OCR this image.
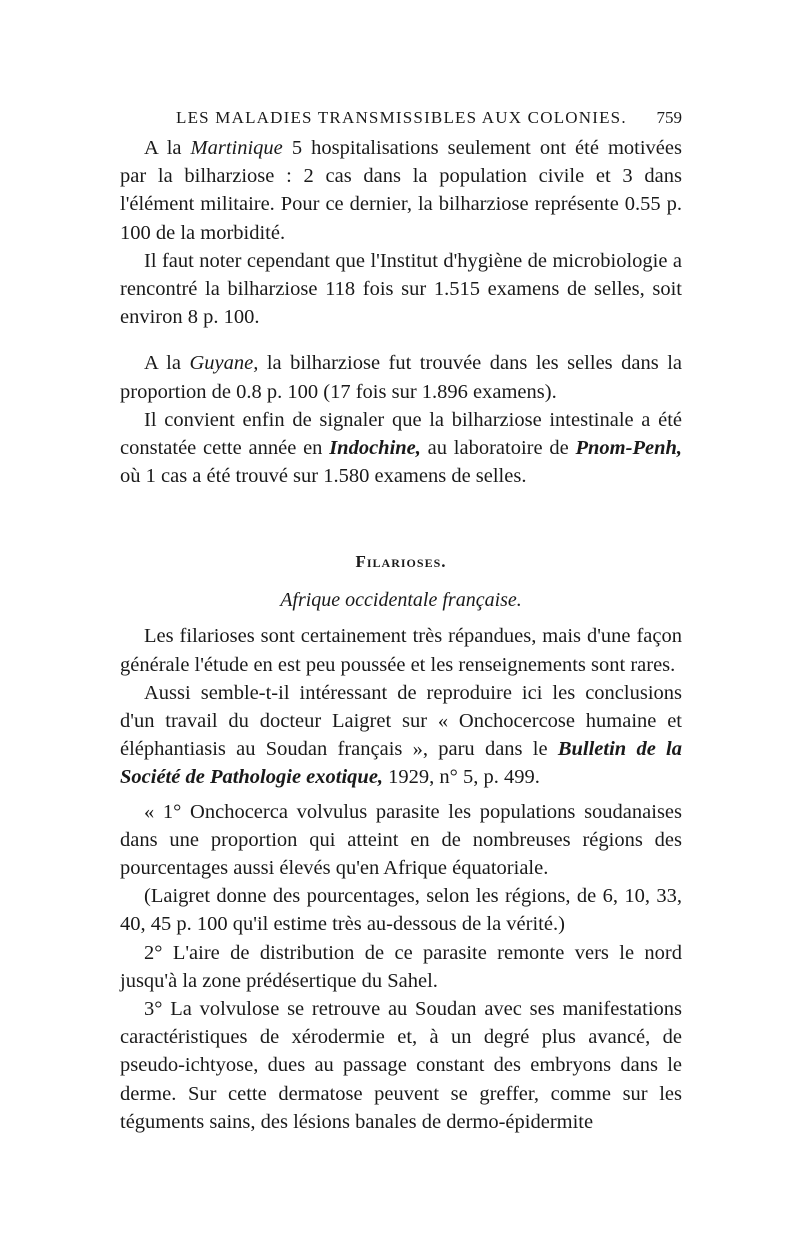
LES MALADIES TRANSMISSIBLES AUX COLONIES. 759

A la Martinique 5 hospitalisations seulement ont été motivées par la bilharziose : 2 cas dans la population civile et 3 dans l'élément militaire. Pour ce dernier, la bilharziose représente 0.55 p. 100 de la morbidité.

Il faut noter cependant que l'Institut d'hygiène de microbiologie a rencontré la bilharziose 118 fois sur 1.515 examens de selles, soit environ 8 p. 100.

A la Guyane, la bilharziose fut trouvée dans les selles dans la proportion de 0.8 p. 100 (17 fois sur 1.896 examens).

Il convient enfin de signaler que la bilharziose intestinale a été constatée cette année en Indochine, au laboratoire de Pnom-Penh, où 1 cas a été trouvé sur 1.580 examens de selles.

Filarioses.
Afrique occidentale française.

Les filarioses sont certainement très répandues, mais d'une façon générale l'étude en est peu poussée et les renseignements sont rares.

Aussi semble-t-il intéressant de reproduire ici les conclusions d'un travail du docteur Laigret sur « Onchocercose humaine et éléphantiasis au Soudan français », paru dans le Bulletin de la Société de Pathologie exotique, 1929, n° 5, p. 499.

« 1° Onchocerca volvulus parasite les populations soudanaises dans une proportion qui atteint en de nombreuses régions des pourcentages aussi élevés qu'en Afrique équatoriale.

(Laigret donne des pourcentages, selon les régions, de 6, 10, 33, 40, 45 p. 100 qu'il estime très au-dessous de la vérité.)

2° L'aire de distribution de ce parasite remonte vers le nord jusqu'à la zone prédésertique du Sahel.

3° La volvulose se retrouve au Soudan avec ses manifestations caractéristiques de xérodermie et, à un degré plus avancé, de pseudo-ichtyose, dues au passage constant des embryons dans le derme. Sur cette dermatose peuvent se greffer, comme sur les téguments sains, des lésions banales de dermo-épidermite
